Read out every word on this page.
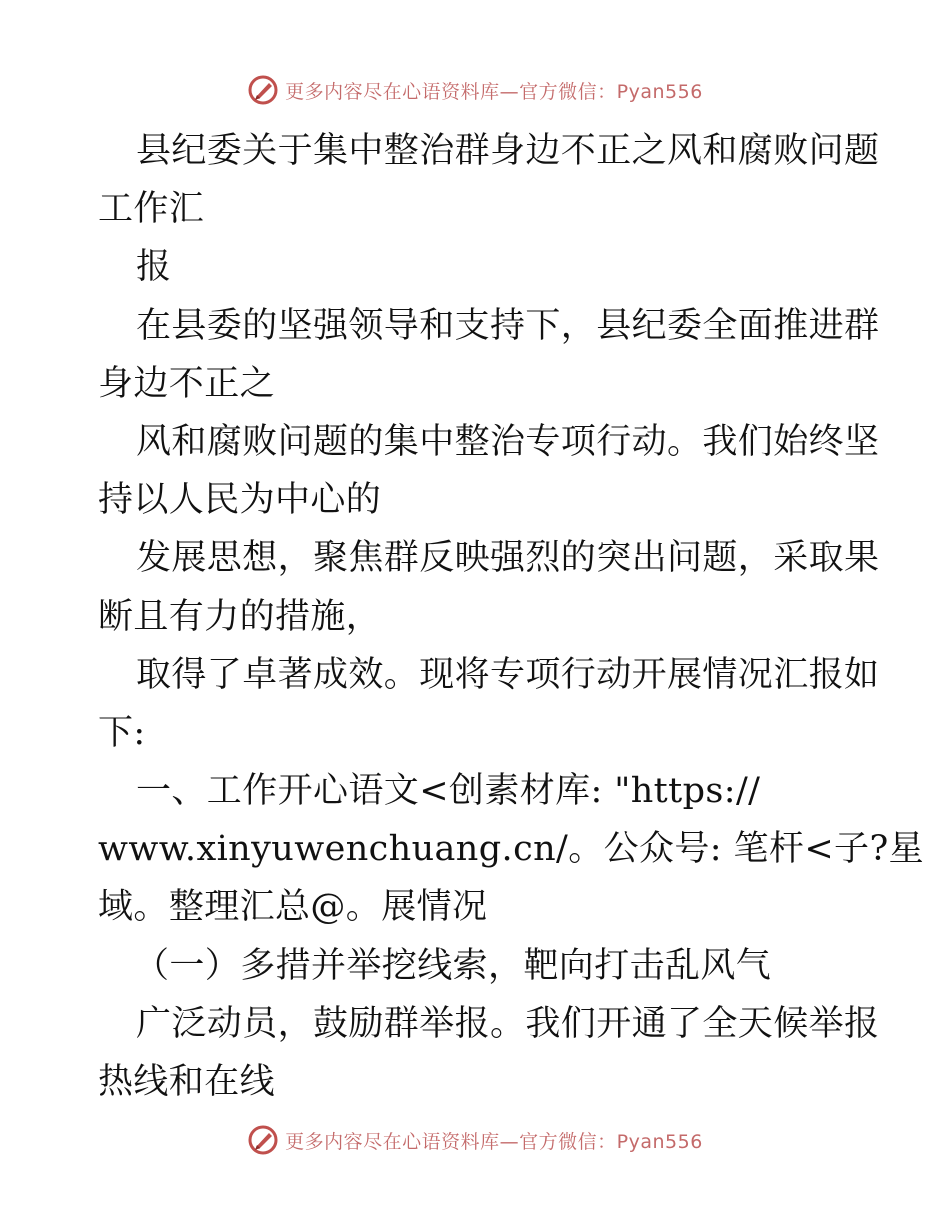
更多内容尽在心语资料库—官方微信：Pyan556
县纪委关于集中整治群身边不正之风和腐败问题
工作汇
报
在县委的坚强领导和支持下，县纪委全面推进群
身边不正之
风和腐败问题的集中整治专项行动。我们始终坚
持以人民为中心的
发展思想，聚焦群反映强烈的突出问题，采取果
断且有力的措施，
取得了卓著成效。现将专项行动开展情况汇报如
下:
一、工作开心语文<创素材库: "https://
www.xinyuwenchuang.cn/。公众号: 笔杆<子?星
域。整理汇总@。展情况
（一）多措并举挖线索，靶向打击乱风气
广泛动员，鼓励群举报。我们开通了全天候举报
热线和在线
更多内容尽在心语资料库—官方微信：Pyan556
